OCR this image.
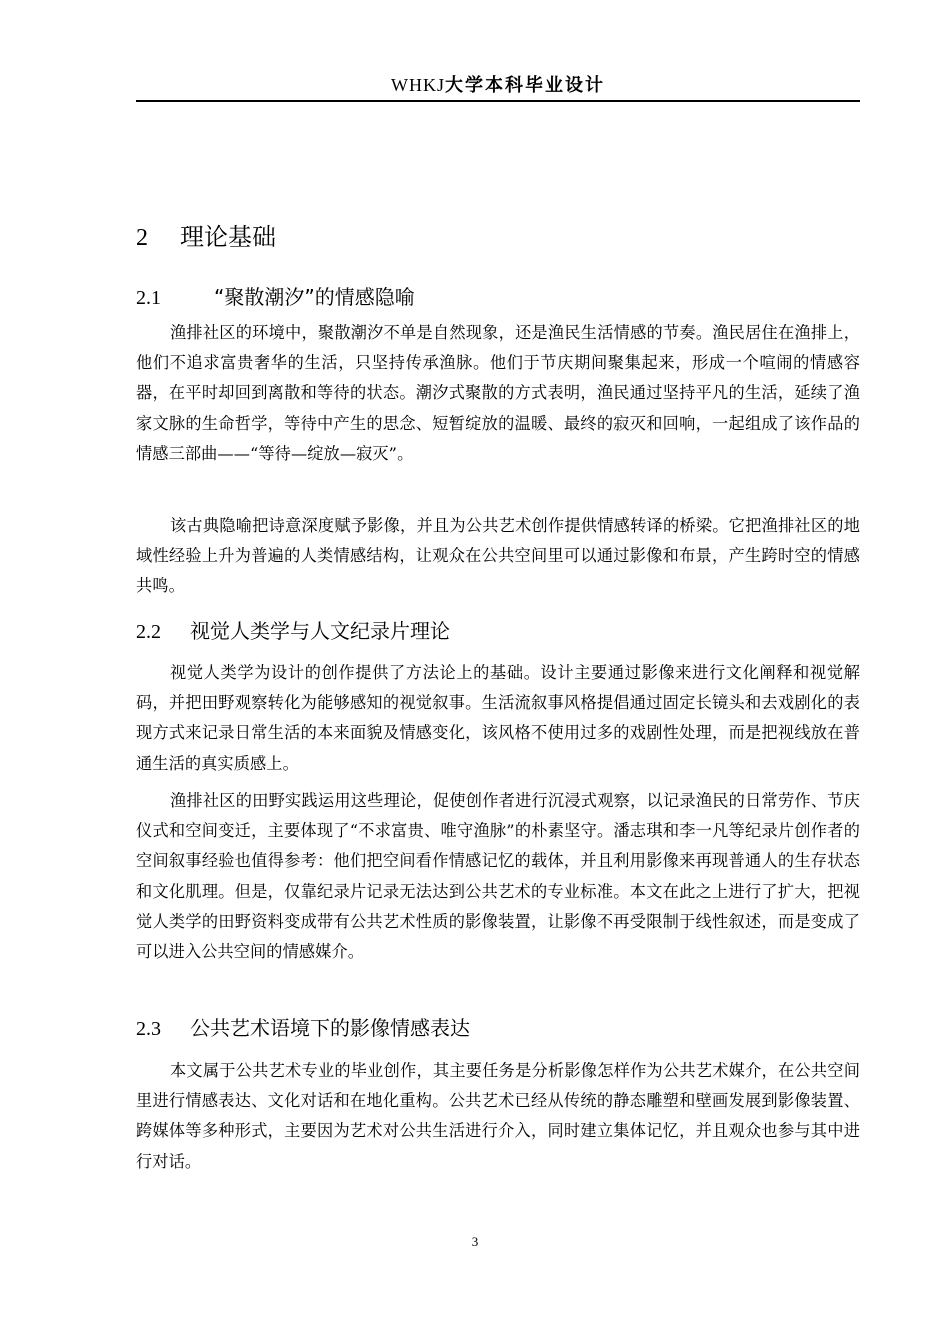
WHKJ大学本科毕业设计
2 理论基础
2.1	“聚散潮汐”的情感隐喻

渔排社区的环境中，聚散潮汐不单是自然现象，还是渔民生活情感的节奏。渔民居住在渔排上，他们不追求富贵奢华的生活，只坚持传承渔脉。他们于节庆期间聚集起来，形成一个喧闹的情感容器，在平时却回到离散和等待的状态。潮汐式聚散的方式表明，渔民通过坚持平凡的生活，延续了渔家文脉的生命哲学，等待中产生的思念、短暂绽放的温暖、最终的寂灭和回响，一起组成了该作品的情感三部曲——“等待—绽放—寂灭”。

该古典隐喻把诗意深度赋予影像，并且为公共艺术创作提供情感转译的桥梁。它把渔排社区的地域性经验上升为普遍的人类情感结构，让观众在公共空间里可以通过影像和布景，产生跨时空的情感共鸣。

2.2 视觉人类学与人文纪录片理论

视觉人类学为设计的创作提供了方法论上的基础。设计主要通过影像来进行文化阐释和视觉解码，并把田野观察转化为能够感知的视觉叙事。生活流叙事风格提倡通过固定长镜头和去戏剧化的表现方式来记录日常生活的本来面貌及情感变化，该风格不使用过多的戏剧性处理，而是把视线放在普通生活的真实质感上。

渔排社区的田野实践运用这些理论，促使创作者进行沉浸式观察，以记录渔民的日常劳作、节庆仪式和空间变迁，主要体现了“不求富贵、唯守渔脉”的朴素坚守。潘志琪和李一凡等纪录片创作者的空间叙事经验也值得参考：他们把空间看作情感记忆的载体，并且利用影像来再现普通人的生存状态和文化肌理。但是，仅靠纪录片记录无法达到公共艺术的专业标准。本文在此之上进行了扩大，把视觉人类学的田野资料变成带有公共艺术性质的影像装置，让影像不再受限制于线性叙述，而是变成了可以进入公共空间的情感媒介。

2.3 公共艺术语境下的影像情感表达

本文属于公共艺术专业的毕业创作，其主要任务是分析影像怎样作为公共艺术媒介，在公共空间里进行情感表达、文化对话和在地化重构。公共艺术已经从传统的静态雕塑和壁画发展到影像装置、跨媒体等多种形式，主要因为艺术对公共生活进行介入，同时建立集体记忆，并且观众也参与其中进行对话。

3
